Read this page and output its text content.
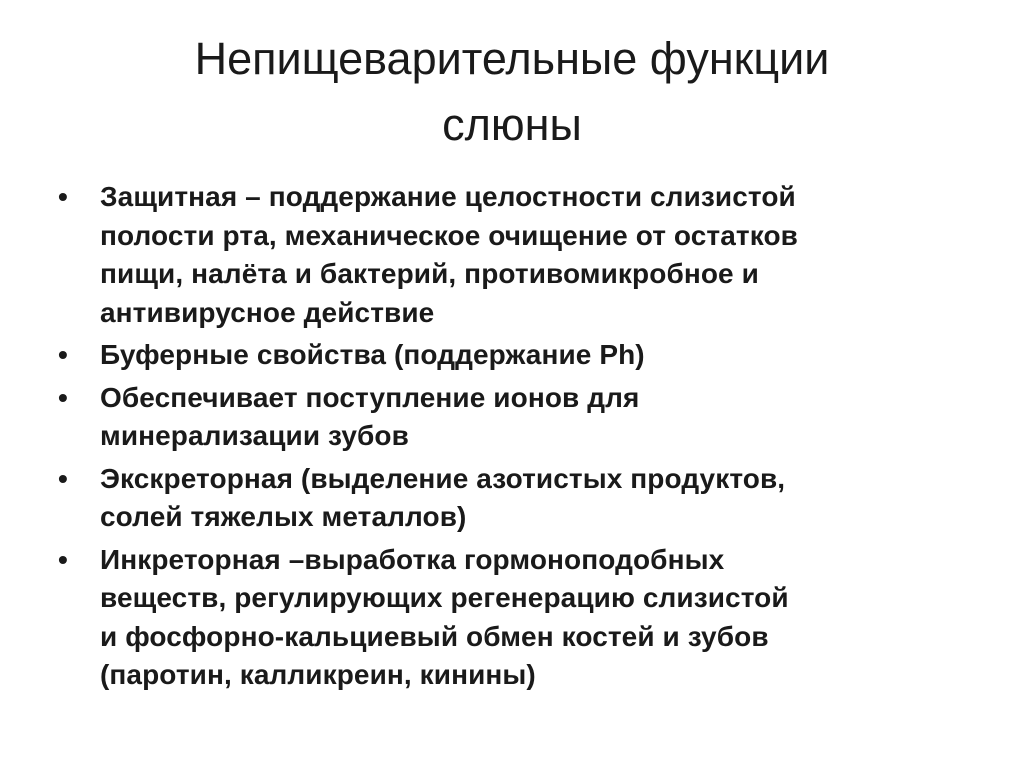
Непищеварительные функции
слюны
• Защитная – поддержание целостности слизистой
полости рта, механическое очищение от остатков
пищи, налёта и бактерий, противомикробное и
антивирусное действие
• Буферные свойства (поддержание Ph)
• Обеспечивает поступление ионов для
минерализации зубов
• Экскреторная (выделение азотистых продуктов,
солей тяжелых металлов)
• Инкреторная –выработка гормоноподобных
веществ, регулирующих регенерацию слизистой
и фосфорно-кальциевый обмен костей и зубов
(паротин, калликреин, кинины)
